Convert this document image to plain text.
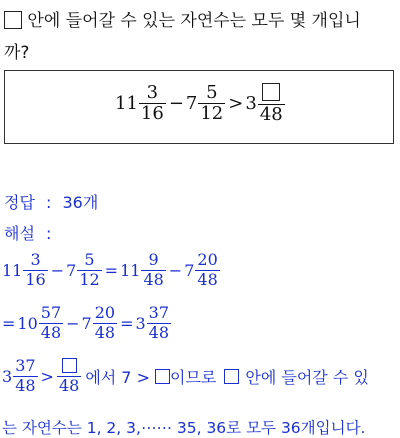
안에 들어갈 수 있는 자연수는 모두 몇 개입니
까?
$11 \frac{3}{16} - 7 \frac{5}{12} > 3$ 48
정답 : 36개
해설 :
$11 \frac{3}{16} - 7 \frac{5}{12} = 11 \frac{9}{48} - 7 \frac{20}{48}$
= $10 \frac{57}{48} - 7 \frac{20}{48} = 3 \frac{37}{48}$
$3 \frac{37}{48} > 48$ 에서 7 > 이므로 안에 들어갈 수 있
는 자연수는 1, 2, 3,⋯⋯ 35, 36로 모두 36개입니다.
